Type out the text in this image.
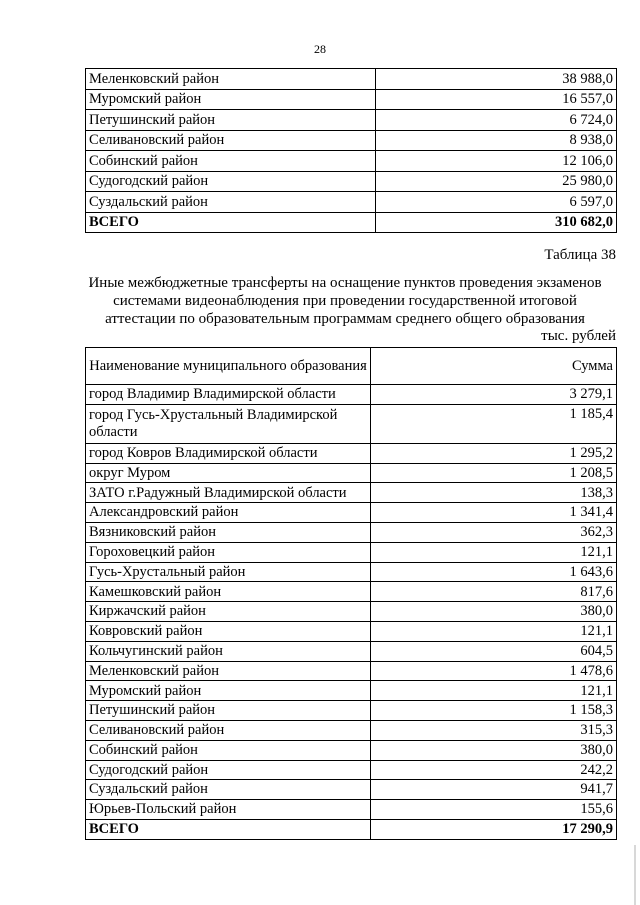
28
Меленковский район	38 988,0
Муромский район	16 557,0
Петушинский район	6 724,0
Селивановский район	8 938,0
Собинский район	12 106,0
Судогодский район	25 980,0
Суздальский район	6 597,0
ВСЕГО	310 682,0
Таблица 38
Иные межбюджетные трансферты на оснащение пунктов проведения экзаменов
системами видеонаблюдения при проведении государственной итоговой
аттестации по образовательным программам среднего общего образования
тыс. рублей
Наименование муниципального образования	Сумма
город Владимир Владимирской области	3 279,1
город Гусь-Хрустальный Владимирской области	1 185,4
город Ковров Владимирской области	1 295,2
округ Муром	1 208,5
ЗАТО г.Радужный Владимирской области	138,3
Александровский район	1 341,4
Вязниковский район	362,3
Гороховецкий район	121,1
Гусь-Хрустальный район	1 643,6
Камешковский район	817,6
Киржачский район	380,0
Ковровский район	121,1
Кольчугинский район	604,5
Меленковский район	1 478,6
Муромский район	121,1
Петушинский район	1 158,3
Селивановский район	315,3
Собинский район	380,0
Судогодский район	242,2
Суздальский район	941,7
Юрьев-Польский район	155,6
ВСЕГО	17 290,9
